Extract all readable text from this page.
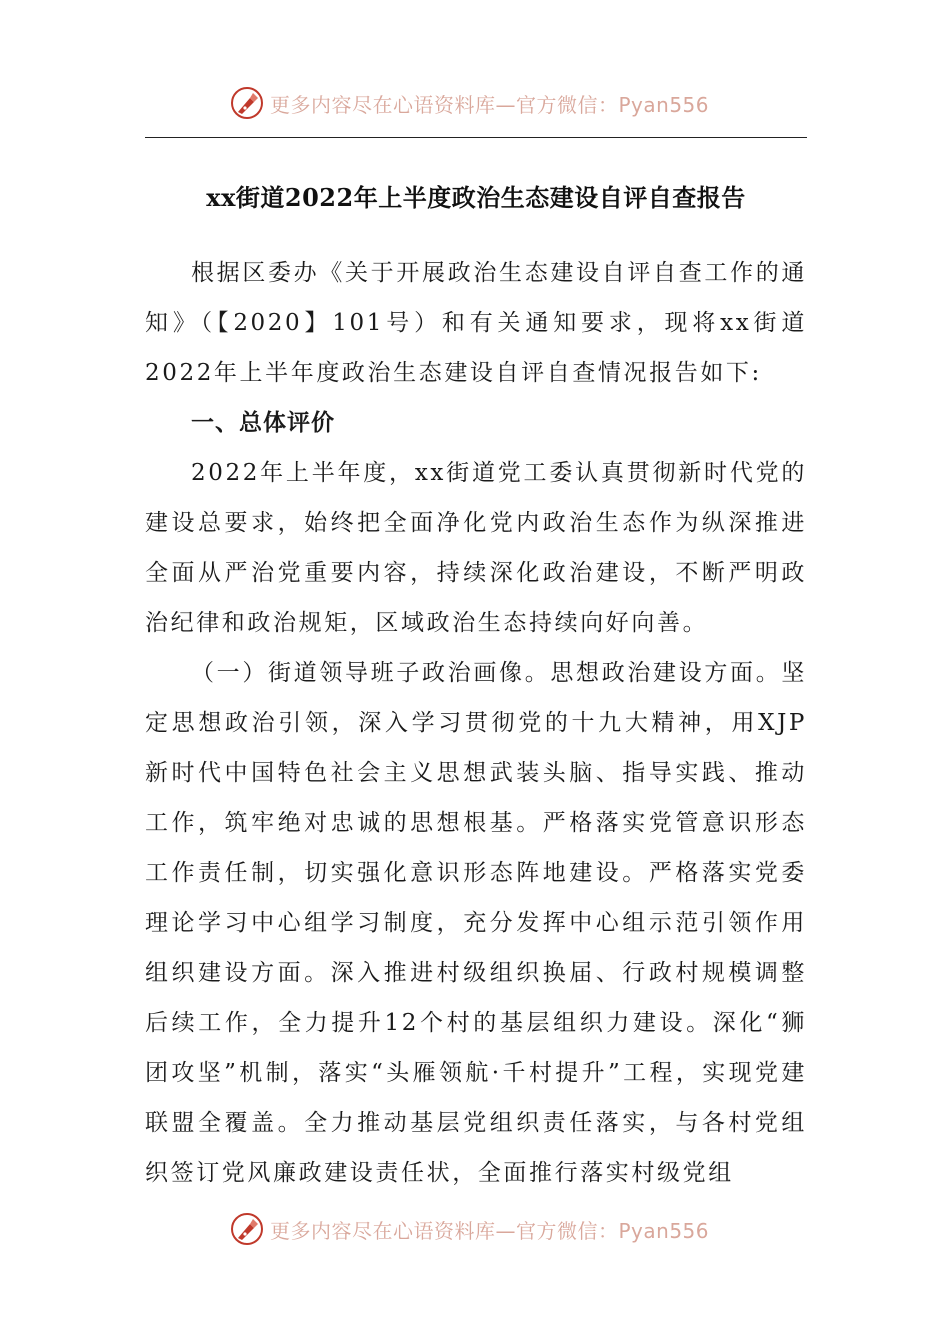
更多内容尽在心语资料库—官方微信：Pyan556
xx街道2022年上半度政治生态建设自评自查报告

根据区委办《关于开展政治生态建设自评自查工作的通知》（【2020】101号）和有关通知要求，现将xx街道2022年上半年度政治生态建设自评自查情况报告如下:

一、总体评价

2022年上半年度，xx街道党工委认真贯彻新时代党的建设总要求，始终把全面净化党内政治生态作为纵深推进全面从严治党重要内容，持续深化政治建设，不断严明政治纪律和政治规矩，区域政治生态持续向好向善。

（一）街道领导班子政治画像。思想政治建设方面。坚定思想政治引领，深入学习贯彻党的十九大精神，用XJP新时代中国特色社会主义思想武装头脑、指导实践、推动工作，筑牢绝对忠诚的思想根基。严格落实党管意识形态工作责任制，切实强化意识形态阵地建设。严格落实党委理论学习中心组学习制度，充分发挥中心组示范引领作用组织建设方面。深入推进村级组织换届、行政村规模调整后续工作，全力提升12个村的基层组织力建设。深化“狮团攻坚”机制，落实“头雁领航·千村提升”工程，实现党建联盟全覆盖。全力推动基层党组织责任落实，与各村党组织签订党风廉政建设责任状，全面推行落实村级党组

更多内容尽在心语资料库—官方微信：Pyan556
